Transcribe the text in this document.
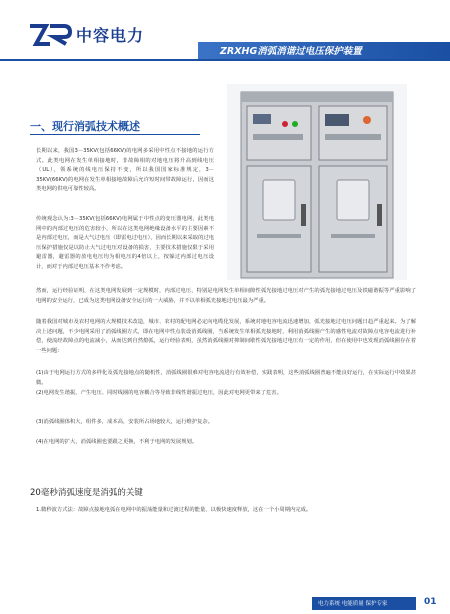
中容电力
ZRXHG消弧消谐过电压保护装置
一、现行消弧技术概述

长期以来，我国3－35KV(包括66KV)的电网多采用中性点不接地的运行方式。此类电网在发生单相接地时，非故障相的对地电压将升高到线电压（UL），领系统的线电压保持不变，所以我国国家标准规定，3－35KV(66KV)的电网在发生单相接地故障后允许短时间带故障运行，因而这类电网的供电可靠性较高。

传统观念认为:3－35KV(包括66KV)电网属于中性点的变压器电网，此类电网中的内部过电压的危害较小，所以在这类电网绝缘设备水平的主要因素不是内部过电压，而是大气过电压（即雷电过电压），因而长期以来采取的过电压保护措施仅是以防止大气过电压对设备的损害，主要技术措施仅限于采用避雷器，避雷器的放电电压均为相电压的4倍以上，按躲过内部过电压设计，而对于内部过电压基本不作考虑。

然而，运行经验证明，在这类电网发展到一定规模时，内部过电压，特别是电网发生单相间隙性弧光接地过电压对产生的弧光接地过电压及铁磁谐振等严重影响了电网的安全运行，已成为这类电网设备安全运行的一大威胁，并不以单相弧光接地过电压最为严重。

随着我国对城市及农村电网的大规模技术改造，城市、农村的配电网必定向电缆化发展，系统对地电容电流迅速增加，弧光接地过电压问题日趋严重起来。为了解决上述问题，不少电网采用了消弧线圈方式，即在电网中性点装设消弧线圈，当系统发生单相弧光接地时，利用消弧线圈产生的感性电流对故障点电容电流进行补偿，使流经故障点的电流减小，从而达到自然熄弧，运行经验表明，虽然消弧线圈对抑制间歇性弧光接地过电压有一定的作用，但在使用中也发现消弧线圈存在着一些问题：

(1)由于电网运行方式的多样化及弧光接地点的随机性，消弧线圈很难对电容电流进行有效补偿，实践表明，这些消弧线圈普遍不能良好运行，在实际运行中效果甚微。

(2)电网发生谐振，产生电压、同时线圈的电容耦合等导致非线性谐振过电压，因此对电网更带来了危害。

(3)消弧线圈体积大，组件多，成本高，安装所占场地较大，运行维护复杂。

(4)在电网的扩大，消弧线圈也要跟之更换，不利于电网的发展规划。

20毫秒消弧速度是消弧的关键

1.微秒波方式法：故障点接地电弧在电网中的振荡能量和过渡过程的能量，以极快速度释放，这在一个小周期内完成。

电力系统 电能质量 保护专家	01
